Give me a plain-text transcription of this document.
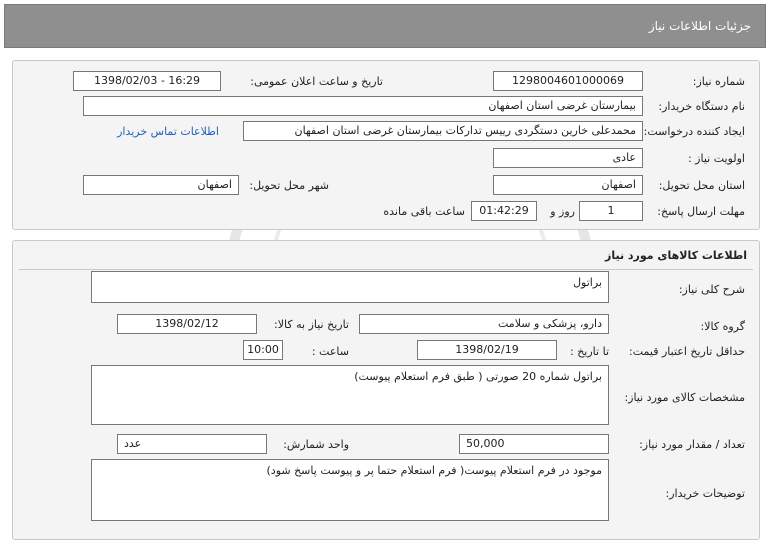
جزئیات اطلاعات نیاز
شماره نیاز:
1298004601000069
تاریخ و ساعت اعلان عمومی:
1398/02/03 - 16:29
نام دستگاه خریدار:
بیمارستان غرضی استان اصفهان
ایجاد کننده درخواست:
محمدعلی خارین دستگردی رییس تدارکات بیمارستان غرضی استان اصفهان
اطلاعات تماس خریدار
اولویت نیاز :
عادی
استان محل تحویل:
اصفهان
شهر محل تحویل:
اصفهان
مهلت ارسال پاسخ:
1
روز و
01:42:29
ساعت باقی مانده
اطلاعات کالاهای مورد نیاز
شرح کلی نیاز:
براتول
گروه کالا:
دارو، پزشکی و سلامت
تاریخ نیاز به کالا:
1398/02/12
حداقل تاریخ اعتبار قیمت:
تا تاریخ :
1398/02/19
ساعت :
10:00
مشخصات کالای مورد نیاز:
براتول شماره 20 صورتی ( طبق فرم استعلام پیوست)
تعداد / مقدار مورد نیاز:
50,000
واحد شمارش:
عدد
توضیحات خریدار:
موجود در فرم استعلام پیوست( فرم استعلام حتما پر و پیوست پاسخ شود)
